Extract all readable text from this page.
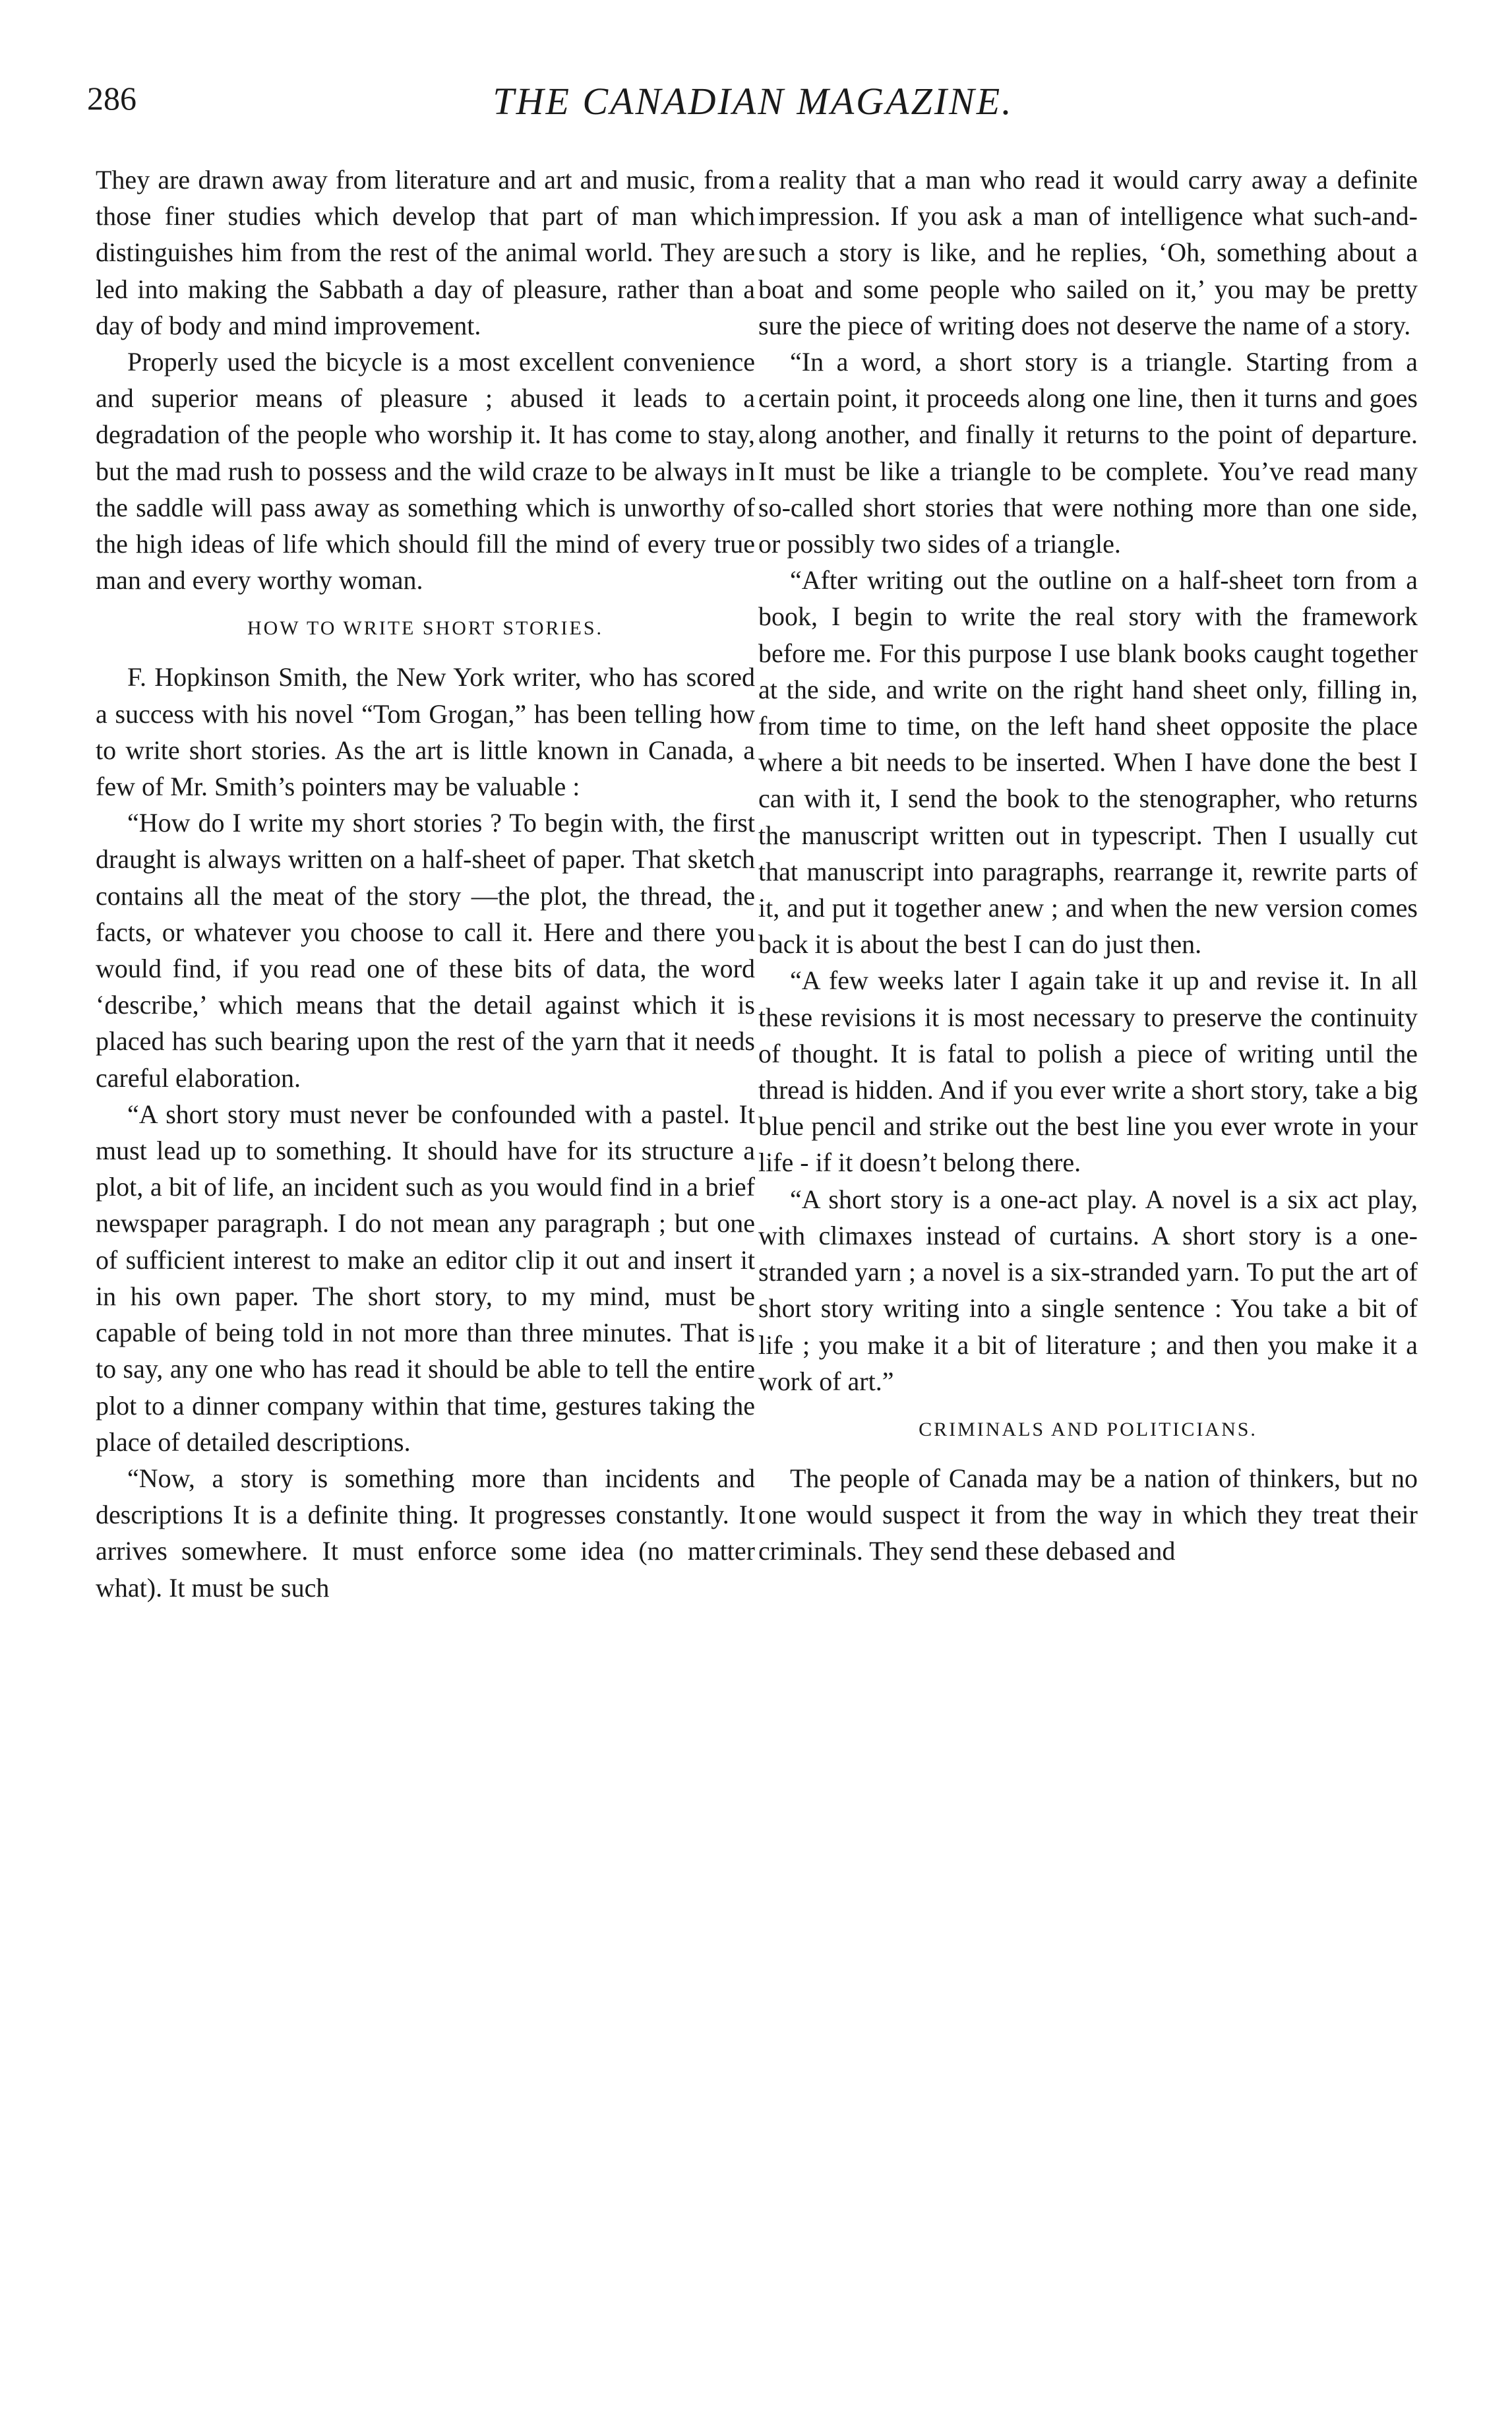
286	THE CANADIAN MAGAZINE.

They are drawn away from literature and art and music, from those finer studies which develop that part of man which distinguishes him from the rest of the animal world. They are led into making the Sabbath a day of pleasure, rather than a day of body and mind improvement.

Properly used the bicycle is a most excellent convenience and superior means of pleasure ; abused it leads to a degradation of the people who worship it. It has come to stay, but the mad rush to possess and the wild craze to be always in the saddle will pass away as something which is unworthy of the high ideas of life which should fill the mind of every true man and every worthy woman.

HOW TO WRITE SHORT STORIES.

F. Hopkinson Smith, the New York writer, who has scored a success with his novel “Tom Grogan,” has been telling how to write short stories. As the art is little known in Canada, a few of Mr. Smith’s pointers may be valuable :

“How do I write my short stories ? To begin with, the first draught is always written on a half-sheet of paper. That sketch contains all the meat of the story —the plot, the thread, the facts, or whatever you choose to call it. Here and there you would find, if you read one of these bits of data, the word ‘describe,’ which means that the detail against which it is placed has such bearing upon the rest of the yarn that it needs careful elaboration.

“A short story must never be confounded with a pastel. It must lead up to something. It should have for its structure a plot, a bit of life, an incident such as you would find in a brief newspaper paragraph. I do not mean any paragraph ; but one of sufficient interest to make an editor clip it out and insert it in his own paper. The short story, to my mind, must be capable of being told in not more than three minutes. That is to say, any one who has read it should be able to tell the entire plot to a dinner company within that time, gestures taking the place of detailed descriptions.

“Now, a story is something more than incidents and descriptions It is a definite thing. It progresses constantly. It arrives somewhere. It must enforce some idea (no matter what). It must be such

a reality that a man who read it would carry away a definite impression. If you ask a man of intelligence what such-and-such a story is like, and he replies, ‘Oh, something about a boat and some people who sailed on it,’ you may be pretty sure the piece of writing does not deserve the name of a story.

“In a word, a short story is a triangle. Starting from a certain point, it proceeds along one line, then it turns and goes along another, and finally it returns to the point of departure. It must be like a triangle to be complete. You’ve read many so-called short stories that were nothing more than one side, or possibly two sides of a triangle.

“After writing out the outline on a half-sheet torn from a book, I begin to write the real story with the framework before me. For this purpose I use blank books caught together at the side, and write on the right hand sheet only, filling in, from time to time, on the left hand sheet opposite the place where a bit needs to be inserted. When I have done the best I can with it, I send the book to the stenographer, who returns the manuscript written out in typescript. Then I usually cut that manuscript into paragraphs, rearrange it, rewrite parts of it, and put it together anew ; and when the new version comes back it is about the best I can do just then.

“A few weeks later I again take it up and revise it. In all these revisions it is most necessary to preserve the continuity of thought. It is fatal to polish a piece of writing until the thread is hidden. And if you ever write a short story, take a big blue pencil and strike out the best line you ever wrote in your life - if it doesn’t belong there.

“A short story is a one-act play. A novel is a six act play, with climaxes instead of curtains. A short story is a one-stranded yarn ; a novel is a six-stranded yarn. To put the art of short story writing into a single sentence : You take a bit of life ; you make it a bit of literature ; and then you make it a work of art.”

CRIMINALS AND POLITICIANS.

The people of Canada may be a nation of thinkers, but no one would suspect it from the way in which they treat their criminals. They send these debased and
